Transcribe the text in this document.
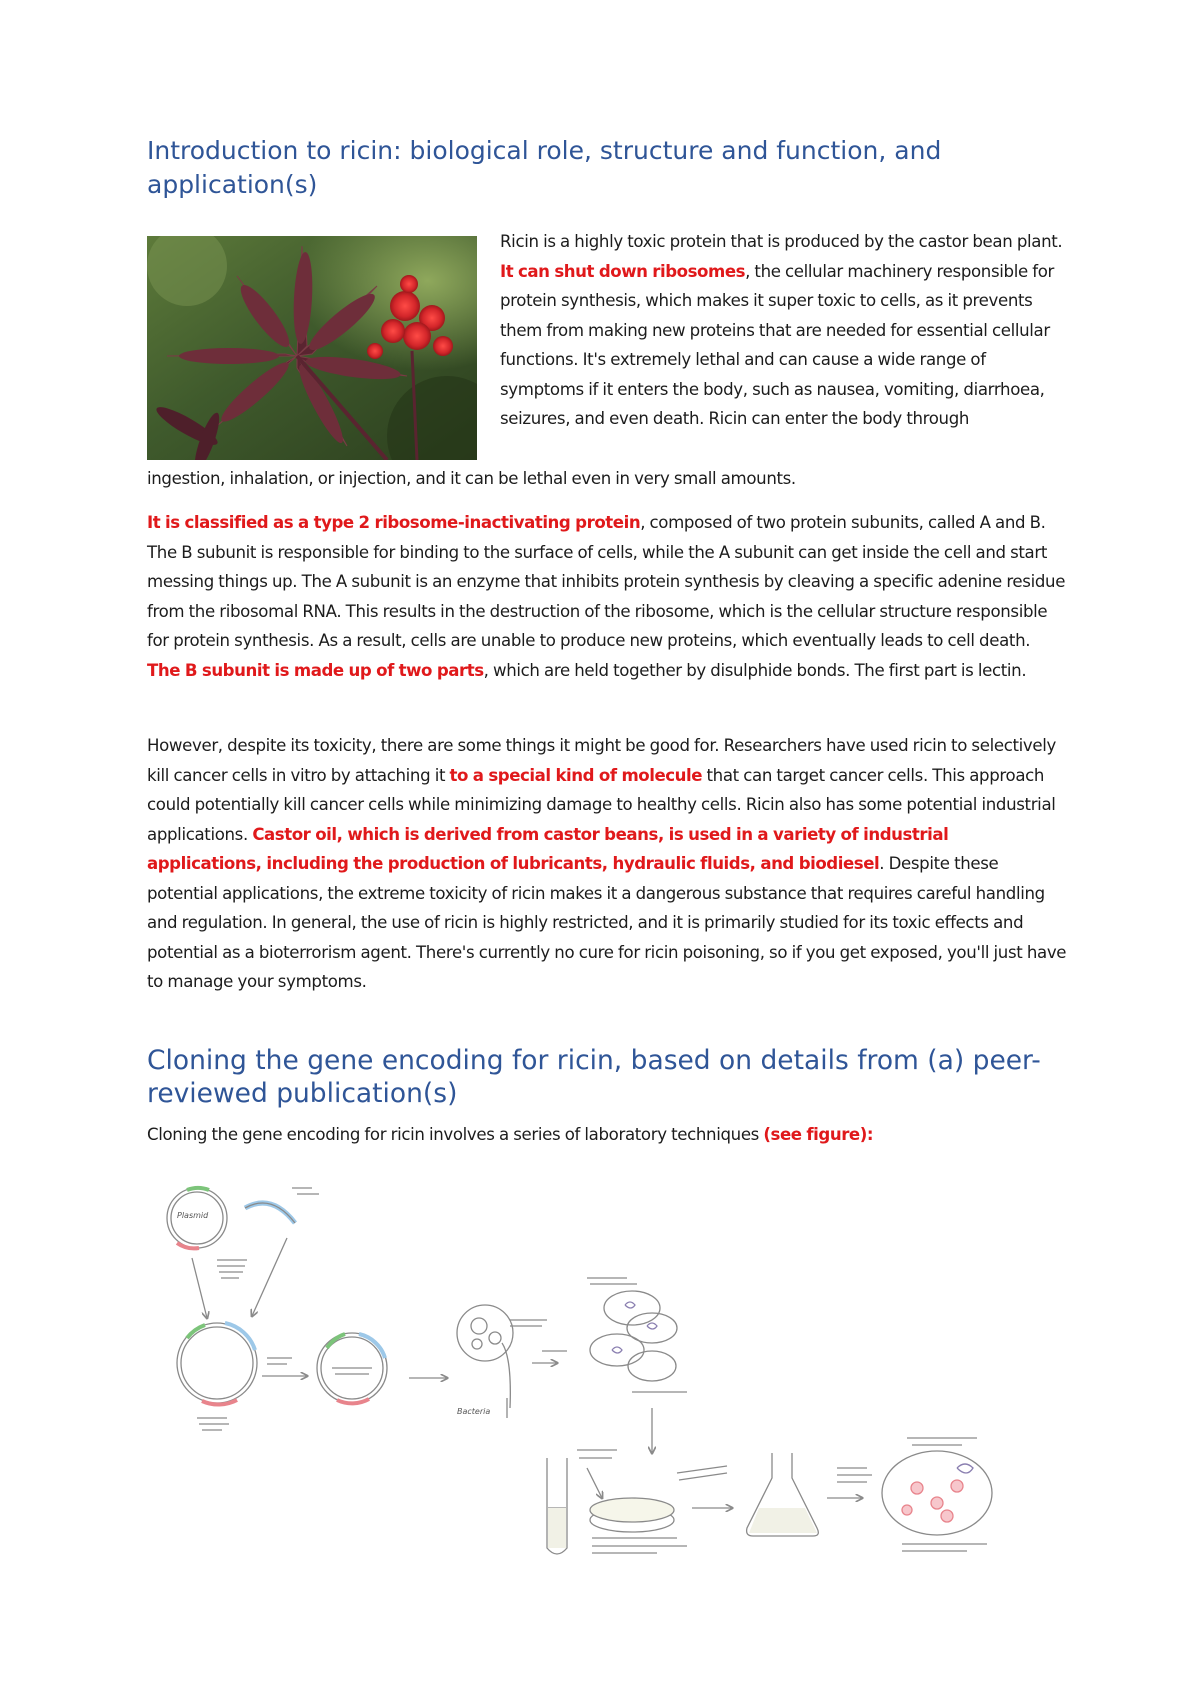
Introduction to ricin: biological role, structure and function, and application(s)

Ricin is a highly toxic protein that is produced by the castor bean plant. It can shut down ribosomes, the cellular machinery responsible for protein synthesis, which makes it super toxic to cells, as it prevents them from making new proteins that are needed for essential cellular functions. It's extremely lethal and can cause a wide range of symptoms if it enters the body, such as nausea, vomiting, diarrhoea, seizures, and even death. Ricin can enter the body through

ingestion, inhalation, or injection, and it can be lethal even in very small amounts.

It is classified as a type 2 ribosome-inactivating protein, composed of two protein subunits, called A and B. The B subunit is responsible for binding to the surface of cells, while the A subunit can get inside the cell and start messing things up. The A subunit is an enzyme that inhibits protein synthesis by cleaving a specific adenine residue from the ribosomal RNA. This results in the destruction of the ribosome, which is the cellular structure responsible for protein synthesis. As a result, cells are unable to produce new proteins, which eventually leads to cell death. The B subunit is made up of two parts, which are held together by disulphide bonds. The first part is lectin.

However, despite its toxicity, there are some things it might be good for. Researchers have used ricin to selectively kill cancer cells in vitro by attaching it to a special kind of molecule that can target cancer cells. This approach could potentially kill cancer cells while minimizing damage to healthy cells. Ricin also has some potential industrial applications. Castor oil, which is derived from castor beans, is used in a variety of industrial applications, including the production of lubricants, hydraulic fluids, and biodiesel. Despite these potential applications, the extreme toxicity of ricin makes it a dangerous substance that requires careful handling and regulation. In general, the use of ricin is highly restricted, and it is primarily studied for its toxic effects and potential as a bioterrorism agent. There's currently no cure for ricin poisoning, so if you get exposed, you'll just have to manage your symptoms.

Cloning the gene encoding for ricin, based on details from (a) peer-reviewed publication(s)

Cloning the gene encoding for ricin involves a series of laboratory techniques (see figure):

Plasmid
Bacteria
